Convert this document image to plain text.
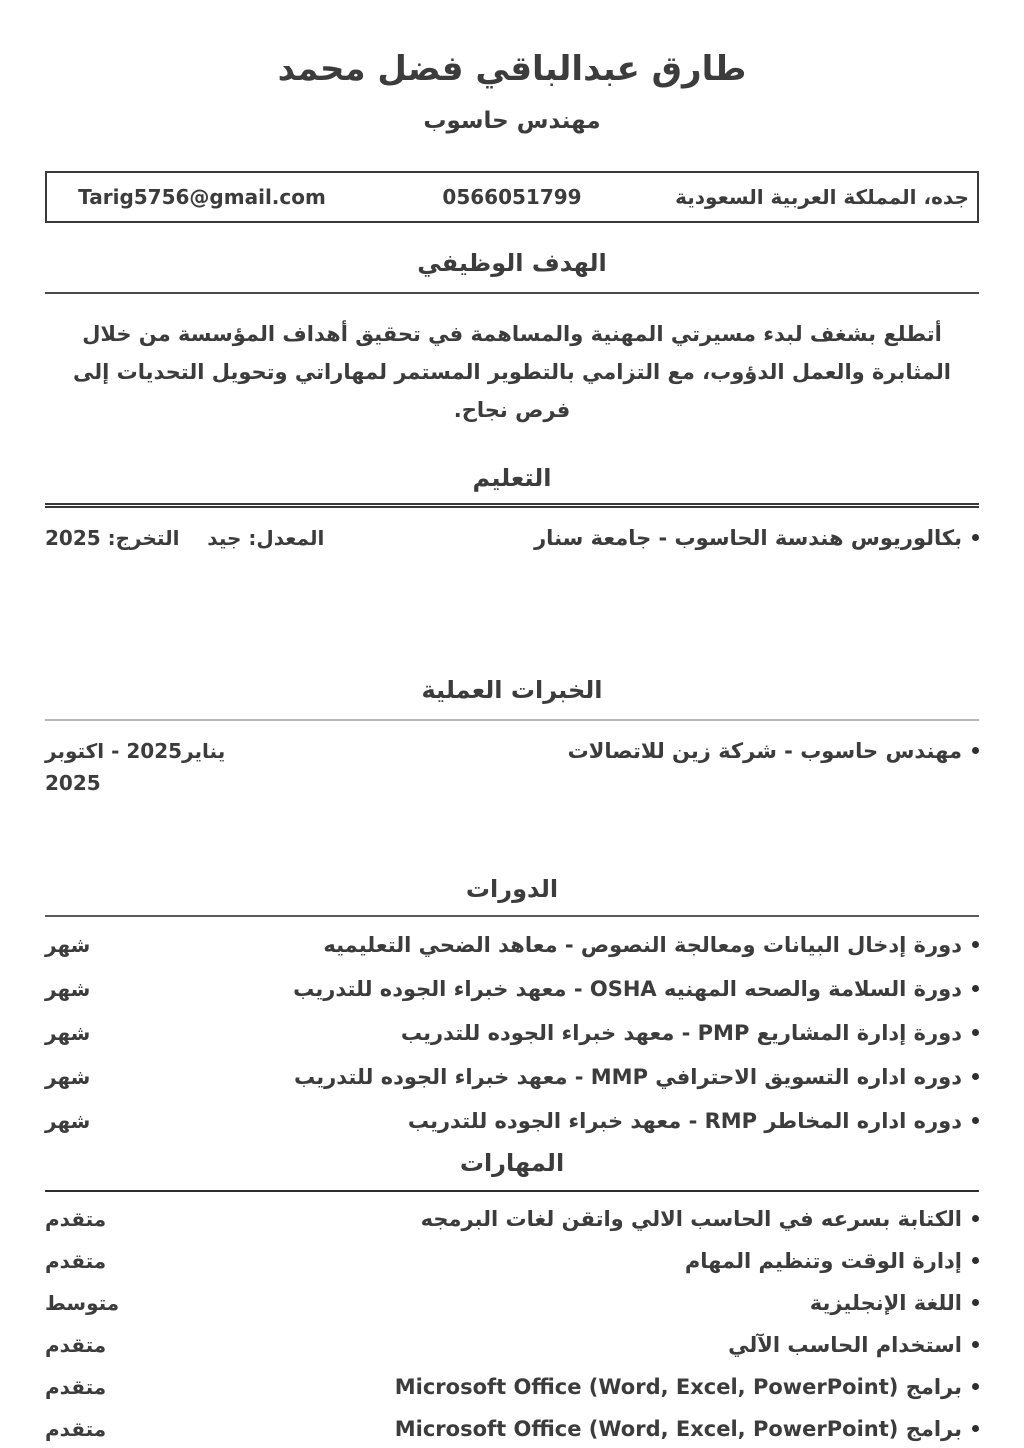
طارق عبدالباقي فضل محمد
مهندس حاسوب
جده، المملكة العربية السعودية
0566051799
Tarig5756@gmail.com
الهدف الوظيفي

أتطلع بشغف لبدء مسيرتي المهنية والمساهمة في تحقيق أهداف المؤسسة من خلال المثابرة والعمل الدؤوب، مع التزامي بالتطوير المستمر لمهاراتي وتحويل التحديات إلى فرص نجاح.

التعليم
بكالوريوس هندسة الحاسوب - جامعة سنار
المعدل: جيد    التخرج: 2025
الخبرات العملية
مهندس حاسوب - شركة زين للاتصالات
يناير2025 - اكتوبر 2025
الدورات
دورة إدخال البيانات ومعالجة النصوص - معاهد الضحي التعليميه
شهر
دورة السلامة والصحه المهنيه OSHA - معهد خبراء الجوده للتدريب
شهر
دورة إدارة المشاريع PMP - معهد خبراء الجوده للتدريب
شهر
دوره اداره التسويق الاحترافي MMP - معهد خبراء الجوده للتدريب
شهر
دوره اداره المخاطر RMP - معهد خبراء الجوده للتدريب
شهر
المهارات
الكتابة بسرعه في الحاسب الالي واتقن لغات البرمجه
متقدم
إدارة الوقت وتنظيم المهام
متقدم
اللغة الإنجليزية
متوسط
استخدام الحاسب الآلي
متقدم
برامج Microsoft Office (Word, Excel, PowerPoint)
متقدم
برامج Microsoft Office (Word, Excel, PowerPoint)
متقدم
